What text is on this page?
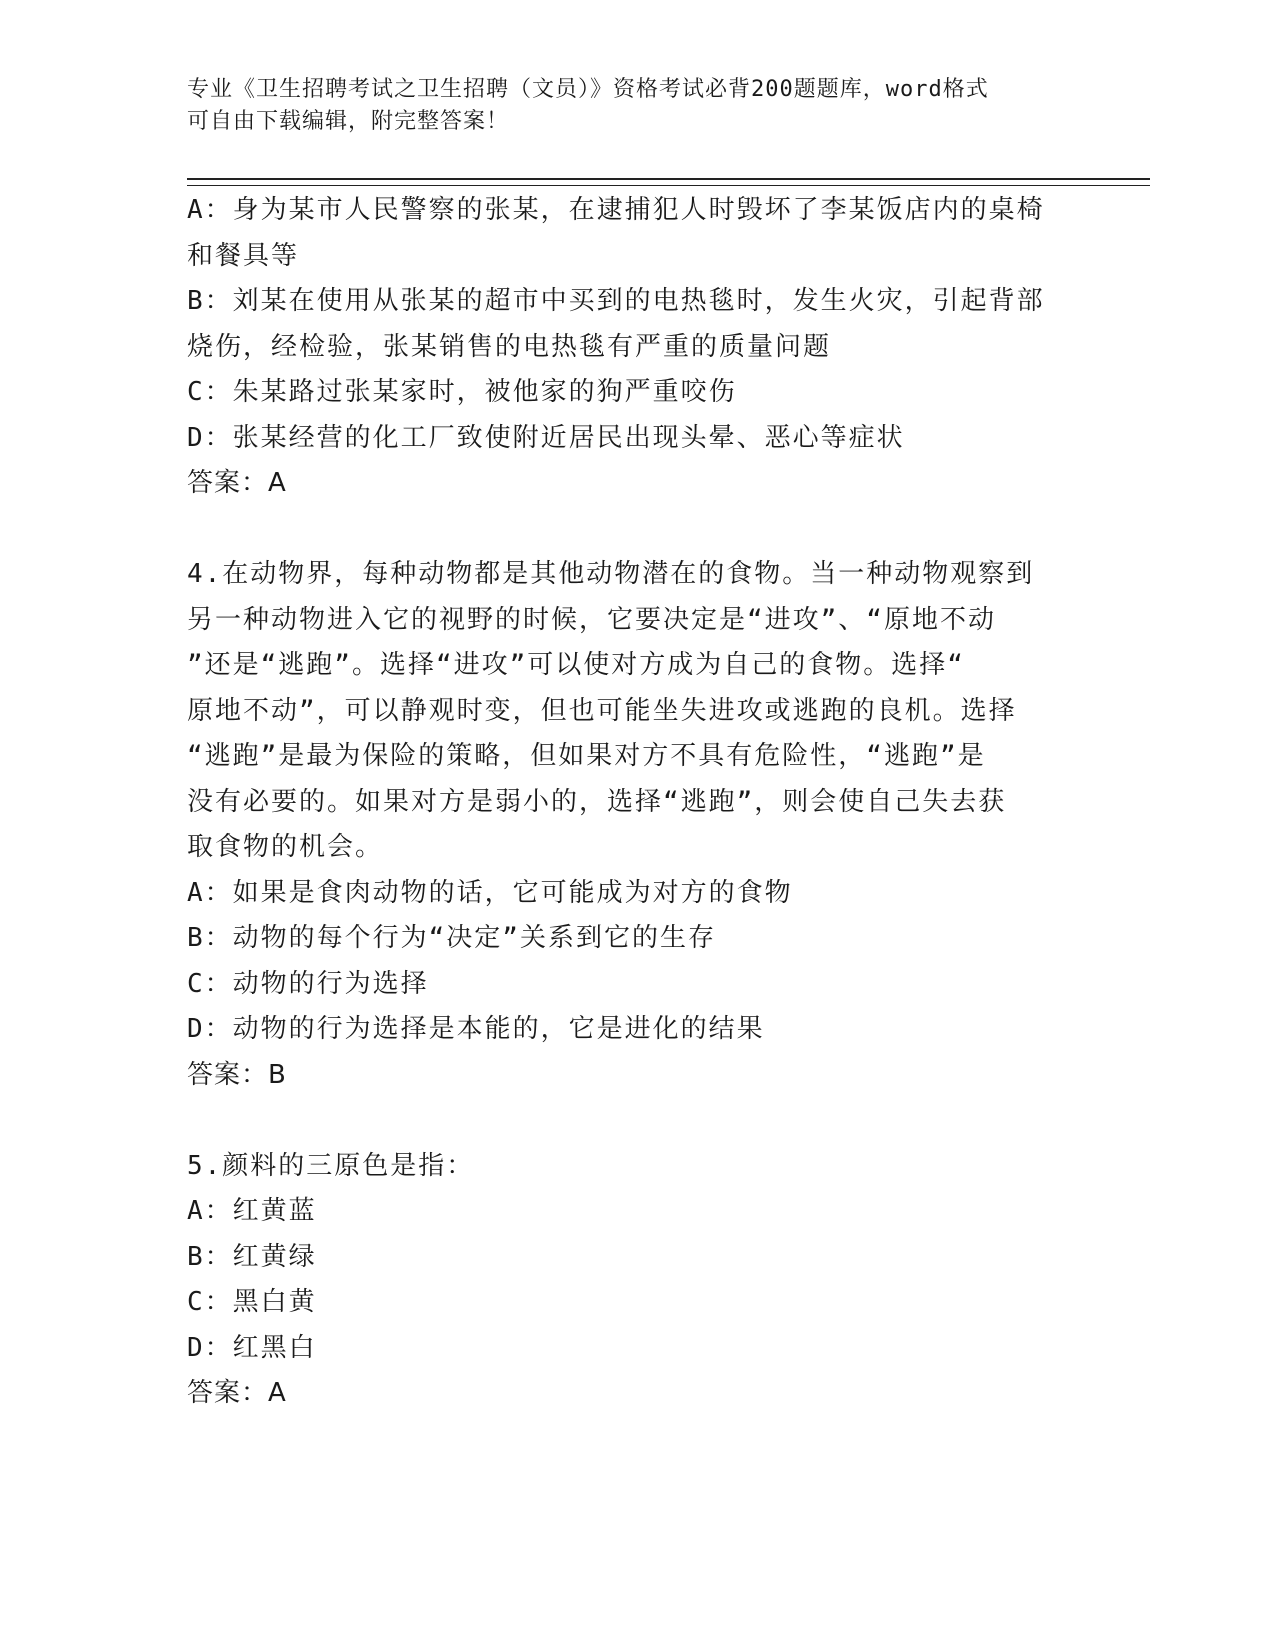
专业《卫生招聘考试之卫生招聘（文员）》资格考试必背200题题库，word格式
可自由下载编辑，附完整答案！
A：身为某市人民警察的张某，在逮捕犯人时毁坏了李某饭店内的桌椅
和餐具等
B：刘某在使用从张某的超市中买到的电热毯时，发生火灾，引起背部
烧伤，经检验，张某销售的电热毯有严重的质量问题
C：朱某路过张某家时，被他家的狗严重咬伤
D：张某经营的化工厂致使附近居民出现头晕、恶心等症状
答案：A
4.在动物界，每种动物都是其他动物潜在的食物。当一种动物观察到
另一种动物进入它的视野的时候，它要决定是“进攻”、“原地不动
”还是“逃跑”。选择“进攻”可以使对方成为自己的食物。选择“
原地不动”，可以静观时变，但也可能坐失进攻或逃跑的良机。选择
“逃跑”是最为保险的策略，但如果对方不具有危险性，“逃跑”是
没有必要的。如果对方是弱小的，选择“逃跑”，则会使自己失去获
取食物的机会。
A：如果是食肉动物的话，它可能成为对方的食物
B：动物的每个行为“决定”关系到它的生存
C：动物的行为选择
D：动物的行为选择是本能的，它是进化的结果
答案：B
5.颜料的三原色是指：
A：红黄蓝
B：红黄绿
C：黑白黄
D：红黑白
答案：A
